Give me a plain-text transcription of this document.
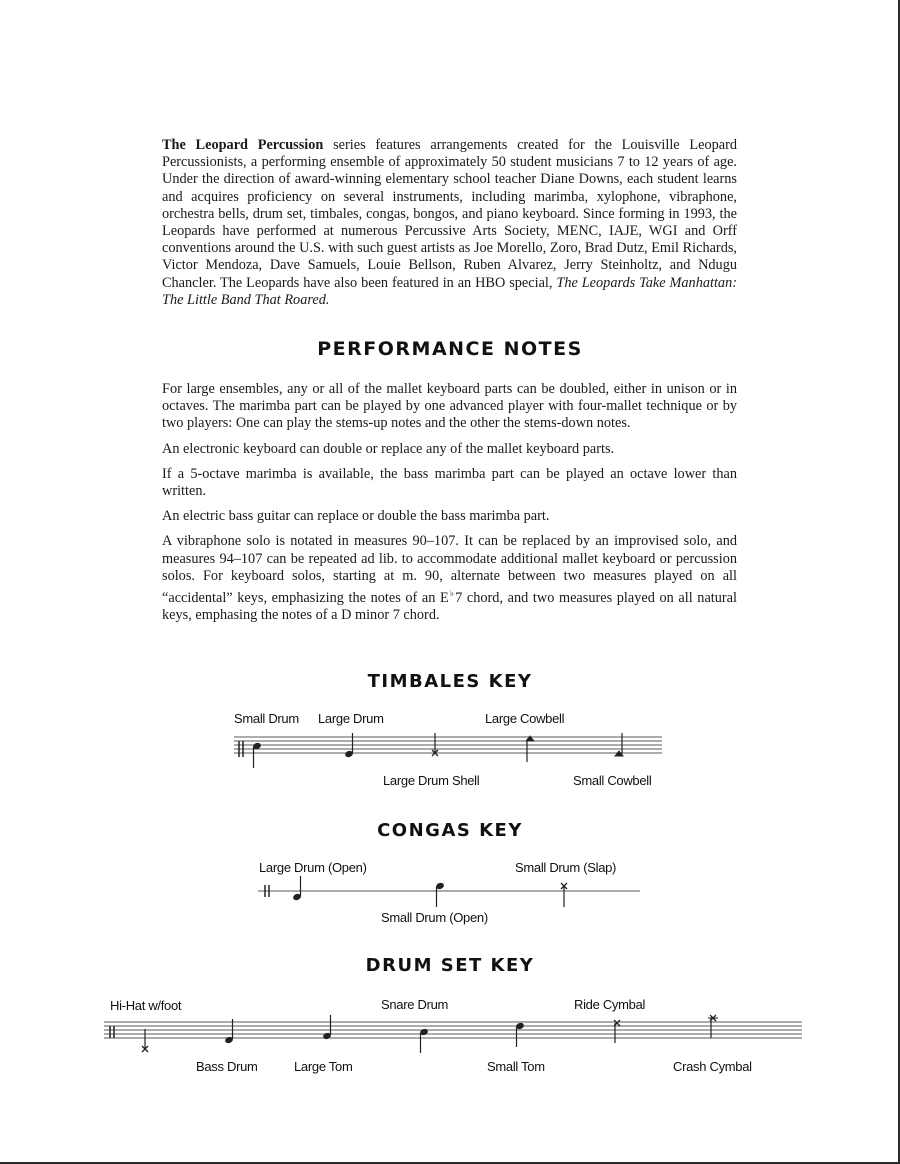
The Leopard Percussion series features arrangements created for the Louisville Leopard Percussionists, a performing ensemble of approximately 50 student musicians 7 to 12 years of age. Under the direction of award-winning elementary school teacher Diane Downs, each student learns and acquires proficiency on several instruments, including marimba, xylophone, vibraphone, orchestra bells, drum set, timbales, congas, bongos, and piano keyboard. Since forming in 1993, the Leopards have performed at numerous Percussive Arts Society, MENC, IAJE, WGI and Orff conventions around the U.S. with such guest artists as Joe Morello, Zoro, Brad Dutz, Emil Richards, Victor Mendoza, Dave Samuels, Louie Bellson, Ruben Alvarez, Jerry Steinholtz, and Ndugu Chancler. The Leopards have also been featured in an HBO special, The Leopards Take Manhattan: The Little Band That Roared.

PERFORMANCE NOTES

For large ensembles, any or all of the mallet keyboard parts can be doubled, either in unison or in octaves. The marimba part can be played by one advanced player with four-mallet technique or by two players: One can play the stems-up notes and the other the stems-down notes.

An electronic keyboard can double or replace any of the mallet keyboard parts.

If a 5-octave marimba is available, the bass marimba part can be played an octave lower than written.

An electric bass guitar can replace or double the bass marimba part.

A vibraphone solo is notated in measures 90–107. It can be replaced by an improvised solo, and measures 94–107 can be repeated ad lib. to accommodate additional mallet keyboard or percussion solos. For keyboard solos, starting at m. 90, alternate between two measures played on all “accidental” keys, emphasizing the notes of an E♭7 chord, and two measures played on all natural keys, emphasing the notes of a D minor 7 chord.

TIMBALES KEY
Small Drum Large Drum
Large Drum Shell
Large Cowbell
Small Cowbell
CONGAS KEY
Large Drum (Open)
Small Drum (Open)
Small Drum (Slap)
DRUM SET KEY
Hi-Hat w/foot
Bass Drum	Large Tom
Snare Drum
Small Tom
Ride Cymbal
Crash Cymbal
